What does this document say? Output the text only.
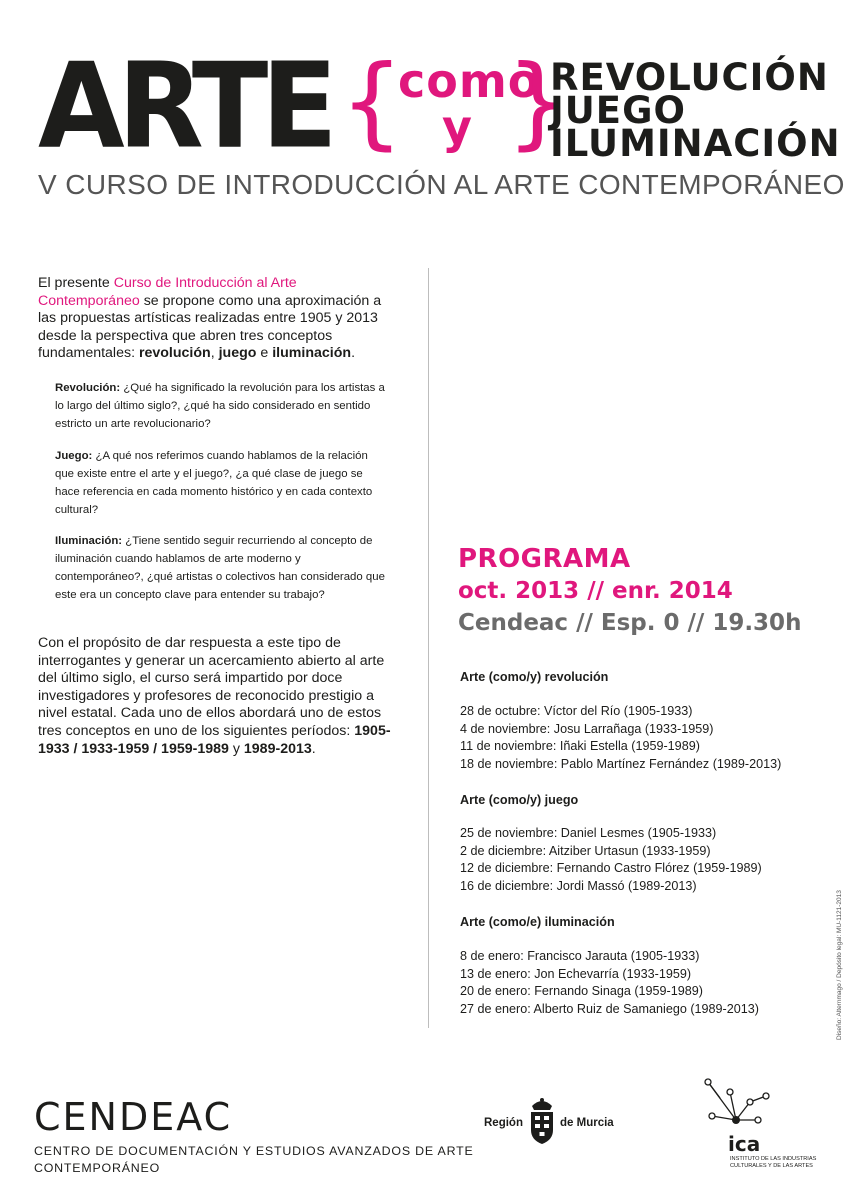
ARTE {
como
y }
REVOLUCIÓN
JUEGO
ILUMINACIÓN
V CURSO DE INTRODUCCIÓN AL ARTE CONTEMPORÁNEO
El presente Curso de Introducción al Arte Contemporáneo se propone como una aproximación a las propuestas artísticas realizadas entre 1905 y 2013 desde la perspectiva que abren tres conceptos fundamentales: revolución, juego e iluminación.
Revolución: ¿Qué ha significado la revolución para los artistas a lo largo del último siglo?, ¿qué ha sido considerado en sentido estricto un arte revolucionario?
Juego: ¿A qué nos referimos cuando hablamos de la relación que existe entre el arte y el juego?, ¿a qué clase de juego se hace referencia en cada momento histórico y en cada contexto cultural?
Iluminación: ¿Tiene sentido seguir recurriendo al concepto de iluminación cuando hablamos de arte moderno y contemporáneo?, ¿qué artistas o colectivos han considerado que este era un concepto clave para entender su trabajo?
Con el propósito de dar respuesta a este tipo de interrogantes y generar un acercamiento abierto al arte del último siglo, el curso será impartido por doce investigadores y profesores de reconocido prestigio a nivel estatal. Cada uno de ellos abordará uno de estos tres conceptos en uno de los siguientes períodos: 1905-1933 / 1933-1959 / 1959-1989 y 1989-2013.
PROGRAMA
oct. 2013 // enr. 2014
Cendeac // Esp. 0 // 19.30h
Arte (como/y) revolución
28 de octubre: Víctor del Río (1905-1933)
4 de noviembre: Josu Larrañaga (1933-1959)
11 de noviembre: Iñaki Estella (1959-1989)
18 de noviembre: Pablo Martínez Fernández (1989-2013)
Arte (como/y) juego
25 de noviembre: Daniel Lesmes (1905-1933)
2 de diciembre: Aitziber Urtasun (1933-1959)
12 de diciembre: Fernando Castro Flórez (1959-1989)
16 de diciembre: Jordi Massó (1989-2013)
Arte (como/e) iluminación
8 de enero: Francisco Jarauta (1905-1933)
13 de enero: Jon Echevarría (1933-1959)
20 de enero: Fernando Sinaga (1959-1989)
27 de enero: Alberto Ruiz de Samaniego (1989-2013)
CENDEAC
CENTRO DE DOCUMENTACIÓN Y ESTUDIOS AVANZADOS DE ARTE
CONTEMPORÁNEO
Región	de Murcia
ica
INSTITUTO DE LAS INDUSTRIAS CULTURALES Y DE LAS ARTES
Diseño: Alternmago / Depósito legal: MU-1121-2013
